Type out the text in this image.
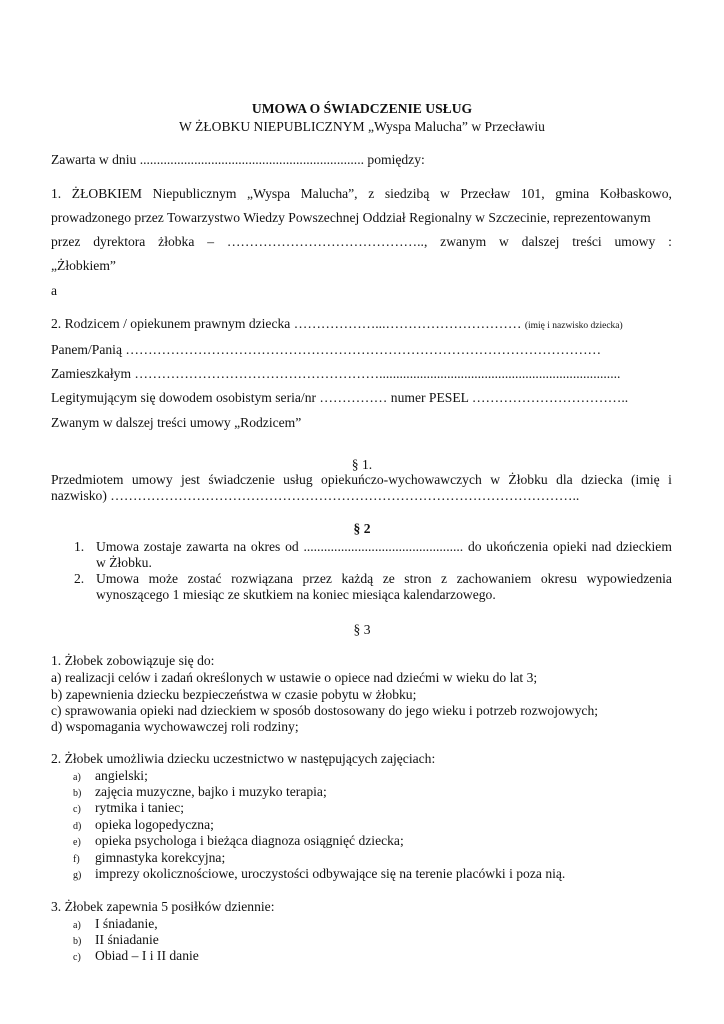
UMOWA O ŚWIADCZENIE USŁUG
W ŻŁOBKU NIEPUBLICZNYM „Wyspa Malucha” w Przecławiu
Zawarta w dniu .................................................................. pomiędzy:
1. ŻŁOBKIEM Niepublicznym „Wyspa Malucha”, z siedzibą w Przecław 101, gmina Kołbaskowo,
prowadzonego przez Towarzystwo Wiedzy Powszechnej Oddział Regionalny w Szczecinie, reprezentowanym
przez dyrektora żłobka – …………………………………….., zwanym w dalszej treści umowy :
„Żłobkiem”
a
2. Rodzicem / opiekunem prawnym dziecka ………………...………………………… (imię i nazwisko dziecka)
Panem/Panią ……………………………………………………………………………………………
Zamieszkałym ……………………………………………….......................................................................
Legitymującym się dowodem osobistym seria/nr …………… numer PESEL ……………………………..
Zwanym w dalszej treści umowy „Rodzicem”
§ 1.
Przedmiotem umowy jest świadczenie usług opiekuńczo-wychowawczych w Żłobku dla dziecka (imię i
nazwisko) …………………………………………………………………………………………..
§ 2
1. Umowa zostaje zawarta na okres od ............................................... do ukończenia opieki nad dzieckiem
w Żłobku.
2. Umowa może zostać rozwiązana przez każdą ze stron z zachowaniem okresu wypowiedzenia
wynoszącego 1 miesiąc ze skutkiem na koniec miesiąca kalendarzowego.
§ 3
1. Żłobek zobowiązuje się do:
a) realizacji celów i zadań określonych w ustawie o opiece nad dziećmi w wieku do lat 3;
b) zapewnienia dziecku bezpieczeństwa w czasie pobytu w żłobku;
c) sprawowania opieki nad dzieckiem w sposób dostosowany do jego wieku i potrzeb rozwojowych;
d) wspomagania wychowawczej roli rodziny;
2. Żłobek umożliwia dziecku uczestnictwo w następujących zajęciach:
a) angielski;
b) zajęcia muzyczne, bajko i muzyko terapia;
c) rytmika i taniec;
d) opieka logopedyczna;
e) opieka psychologa i bieżąca diagnoza osiągnięć dziecka;
f) gimnastyka korekcyjna;
g) imprezy okolicznościowe, uroczystości odbywające się na terenie placówki i poza nią.
3. Żłobek zapewnia 5 posiłków dziennie:
a) I śniadanie,
b) II śniadanie
c) Obiad – I i II danie
